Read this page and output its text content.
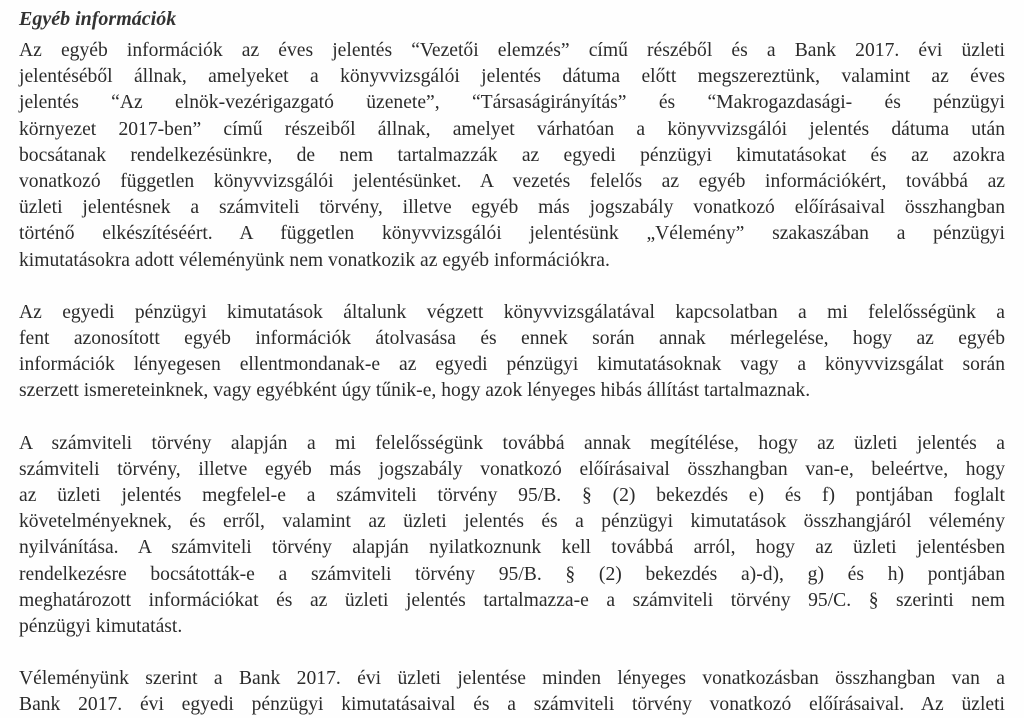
Egyéb információk
Az egyéb információk az éves jelentés “Vezetői elemzés” című részéből és a Bank 2017. évi üzleti
jelentéséből állnak, amelyeket a könyvvizsgálói jelentés dátuma előtt megszereztünk, valamint az éves
jelentés “Az elnök-vezérigazgató üzenete”, “Társaságirányítás” és “Makrogazdasági- és pénzügyi
környezet 2017-ben” című részeiből állnak, amelyet várhatóan a könyvvizsgálói jelentés dátuma után
bocsátanak rendelkezésünkre, de nem tartalmazzák az egyedi pénzügyi kimutatásokat és az azokra
vonatkozó független könyvvizsgálói jelentésünket. A vezetés felelős az egyéb információkért, továbbá az
üzleti jelentésnek a számviteli törvény, illetve egyéb más jogszabály vonatkozó előírásaival összhangban
történő elkészítéséért. A független könyvvizsgálói jelentésünk „Vélemény” szakaszában a pénzügyi
kimutatásokra adott véleményünk nem vonatkozik az egyéb információkra.
Az egyedi pénzügyi kimutatások általunk végzett könyvvizsgálatával kapcsolatban a mi felelősségünk a
fent azonosított egyéb információk átolvasása és ennek során annak mérlegelése, hogy az egyéb
információk lényegesen ellentmondanak-e az egyedi pénzügyi kimutatásoknak vagy a könyvvizsgálat során
szerzett ismereteinknek, vagy egyébként úgy tűnik-e, hogy azok lényeges hibás állítást tartalmaznak.
A számviteli törvény alapján a mi felelősségünk továbbá annak megítélése, hogy az üzleti jelentés a
számviteli törvény, illetve egyéb más jogszabály vonatkozó előírásaival összhangban van-e, beleértve, hogy
az üzleti jelentés megfelel-e a számviteli törvény 95/B. § (2) bekezdés e) és f) pontjában foglalt
követelményeknek, és erről, valamint az üzleti jelentés és a pénzügyi kimutatások összhangjáról vélemény
nyilvánítása. A számviteli törvény alapján nyilatkoznunk kell továbbá arról, hogy az üzleti jelentésben
rendelkezésre bocsátották-e a számviteli törvény 95/B. § (2) bekezdés a)-d), g) és h) pontjában
meghatározott információkat és az üzleti jelentés tartalmazza-e a számviteli törvény 95/C. § szerinti nem
pénzügyi kimutatást.
Véleményünk szerint a Bank 2017. évi üzleti jelentése minden lényeges vonatkozásban összhangban van a
Bank 2017. évi egyedi pénzügyi kimutatásaival és a számviteli törvény vonatkozó előírásaival. Az üzleti
